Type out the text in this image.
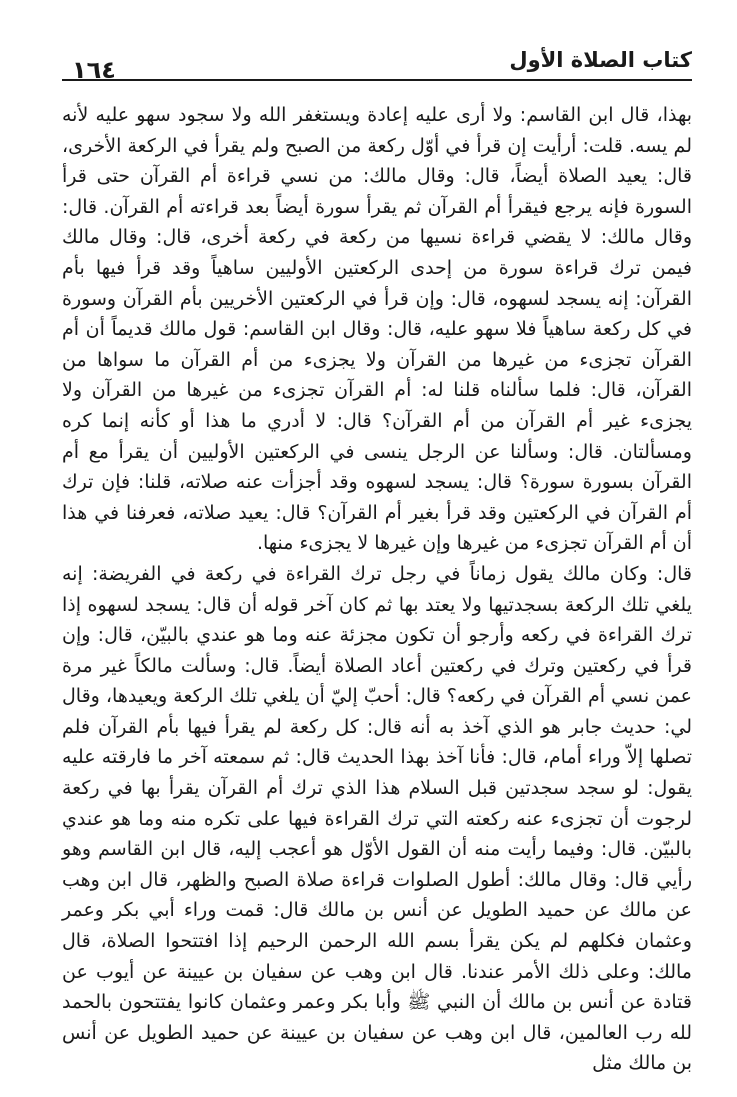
١٦٤	كتاب الصلاة الأول

بهذا، قال ابن القاسم: ولا أرى عليه إعادة ويستغفر الله ولا سجود سهو عليه لأنه لم يسه. قلت: أرأيت إن قرأ في أوّل ركعة من الصبح ولم يقرأ في الركعة الأخرى، قال: يعيد الصلاة أيضاً، قال: وقال مالك: من نسي قراءة أم القرآن حتى قرأ السورة فإنه يرجع فيقرأ أم القرآن ثم يقرأ سورة أيضاً بعد قراءته أم القرآن. قال: وقال مالك: لا يقضي قراءة نسيها من ركعة في ركعة أخرى، قال: وقال مالك فيمن ترك قراءة سورة من إحدى الركعتين الأوليين ساهياً وقد قرأ فيها بأم القرآن: إنه يسجد لسهوه، قال: وإن قرأ في الركعتين الأخريين بأم القرآن وسورة في كل ركعة ساهياً فلا سهو عليه، قال: وقال ابن القاسم: قول مالك قديماً أن أم القرآن تجزىء من غيرها من القرآن ولا يجزىء من أم القرآن ما سواها من القرآن، قال: فلما سألناه قلنا له: أم القرآن تجزىء من غيرها من القرآن ولا يجزىء غير أم القرآن من أم القرآن؟ قال: لا أدري ما هذا أو كأنه إنما كره ومسألتان. قال: وسألنا عن الرجل ينسى في الركعتين الأوليين أن يقرأ مع أم القرآن بسورة سورة؟ قال: يسجد لسهوه وقد أجزأت عنه صلاته، قلنا: فإن ترك أم القرآن في الركعتين وقد قرأ بغير أم القرآن؟ قال: يعيد صلاته، فعرفنا في هذا أن أم القرآن تجزىء من غيرها وإن غيرها لا يجزىء منها.

قال: وكان مالك يقول زماناً في رجل ترك القراءة في ركعة في الفريضة: إنه يلغي تلك الركعة بسجدتيها ولا يعتد بها ثم كان آخر قوله أن قال: يسجد لسهوه إذا ترك القراءة في ركعه وأرجو أن تكون مجزئة عنه وما هو عندي بالبيّن، قال: وإن قرأ في ركعتين وترك في ركعتين أعاد الصلاة أيضاً. قال: وسألت مالكاً غير مرة عمن نسي أم القرآن في ركعه؟ قال: أحبّ إليّ أن يلغي تلك الركعة ويعيدها، وقال لي: حديث جابر هو الذي آخذ به أنه قال: كل ركعة لم يقرأ فيها بأم القرآن فلم تصلها إلاّ وراء أمام، قال: فأنا آخذ بهذا الحديث قال: ثم سمعته آخر ما فارقته عليه يقول: لو سجد سجدتين قبل السلام هذا الذي ترك أم القرآن يقرأ بها في ركعة لرجوت أن تجزىء عنه ركعته التي ترك القراءة فيها على تكره منه وما هو عندي بالبيّن. قال: وفيما رأيت منه أن القول الأوّل هو أعجب إليه، قال ابن القاسم وهو رأيي قال: وقال مالك: أطول الصلوات قراءة صلاة الصبح والظهر، قال ابن وهب عن مالك عن حميد الطويل عن أنس بن مالك قال: قمت وراء أبي بكر وعمر وعثمان فكلهم لم يكن يقرأ بسم الله الرحمن الرحيم إذا افتتحوا الصلاة، قال مالك: وعلى ذلك الأمر عندنا. قال ابن وهب عن سفيان بن عيينة عن أيوب عن قتادة عن أنس بن مالك أن النبي ﷺ وأبا بكر وعمر وعثمان كانوا يفتتحون بالحمد لله رب العالمين، قال ابن وهب عن سفيان بن عيينة عن حميد الطويل عن أنس بن مالك مثل
